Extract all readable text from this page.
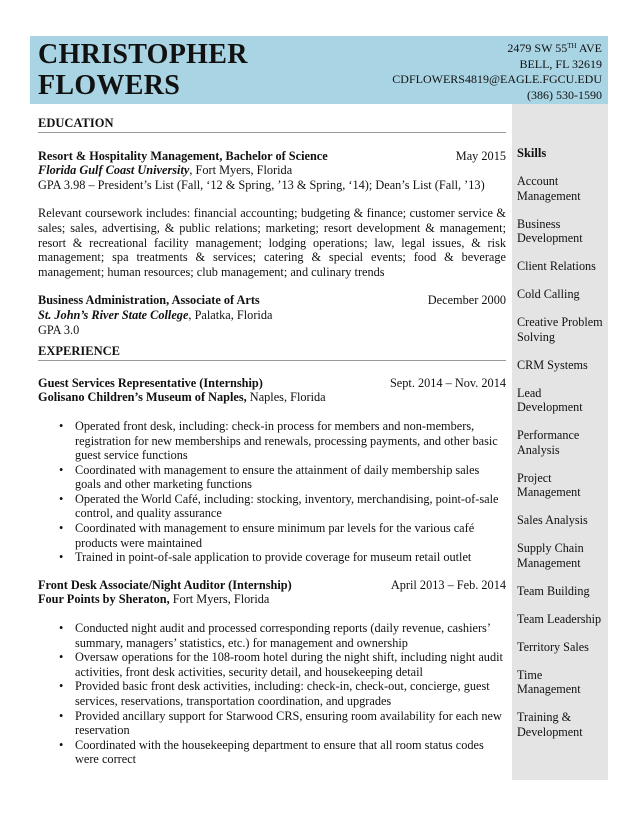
CHRISTOPHER
FLOWERS
2479 SW 55TH AVE
BELL, FL 32619
CDFLOWERS4819@EAGLE.FGCU.EDU
(386) 530-1590
Skills
Account Management
Business Development
Client Relations
Cold Calling
Creative Problem Solving
CRM Systems
Lead Development
Performance Analysis
Project Management
Sales Analysis
Supply Chain Management
Team Building
Team Leadership
Territory Sales
Time Management
Training & Development
EDUCATION
Resort & Hospitality Management, Bachelor of Science	May 2015
Florida Gulf Coast University, Fort Myers, Florida
GPA 3.98 – President’s List (Fall, ‘12 & Spring, ’13 & Spring, ‘14); Dean’s List (Fall, ’13)
Relevant coursework includes: financial accounting; budgeting & finance; customer service & sales; sales, advertising, & public relations; marketing; resort development & management; resort & recreational facility management; lodging operations; law, legal issues, & risk management; spa treatments & services; catering & special events; food & beverage management; human resources; club management; and culinary trends
Business Administration, Associate of Arts	December 2000
St. John’s River State College, Palatka, Florida
GPA 3.0
EXPERIENCE
Guest Services Representative (Internship)	Sept. 2014 – Nov. 2014
Golisano Children’s Museum of Naples, Naples, Florida
• Operated front desk, including: check-in process for members and non-members, registration for new memberships and renewals, processing payments, and other basic guest service functions
• Coordinated with management to ensure the attainment of daily membership sales goals and other marketing functions
• Operated the World Café, including: stocking, inventory, merchandising, point-of-sale control, and quality assurance
• Coordinated with management to ensure minimum par levels for the various café products were maintained
• Trained in point-of-sale application to provide coverage for museum retail outlet
Front Desk Associate/Night Auditor (Internship)	April 2013 – Feb. 2014
Four Points by Sheraton, Fort Myers, Florida
• Conducted night audit and processed corresponding reports (daily revenue, cashiers’ summary, managers’ statistics, etc.) for management and ownership
• Oversaw operations for the 108-room hotel during the night shift, including night audit activities, front desk activities, security detail, and housekeeping detail
• Provided basic front desk activities, including: check-in, check-out, concierge, guest services, reservations, transportation coordination, and upgrades
• Provided ancillary support for Starwood CRS, ensuring room availability for each new reservation
• Coordinated with the housekeeping department to ensure that all room status codes were correct
